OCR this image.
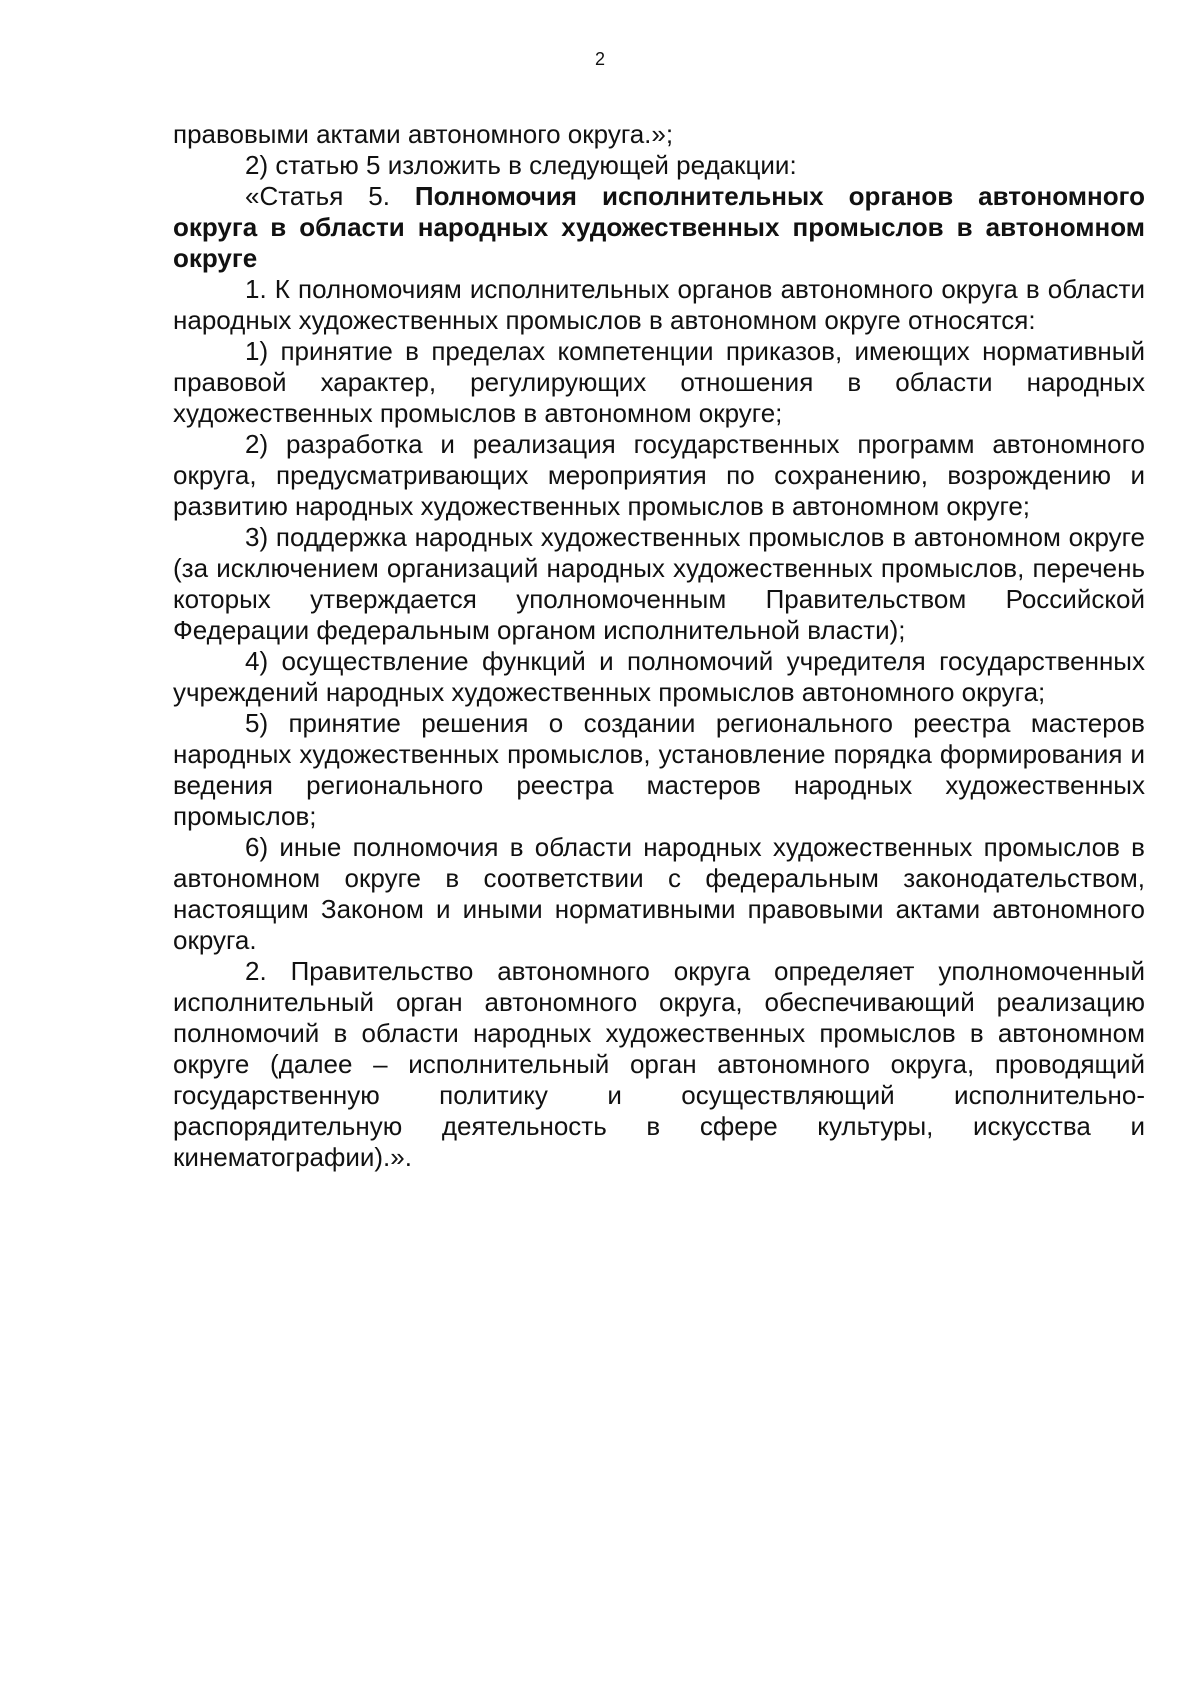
2

правовыми актами автономного округа.»;

2) статью 5 изложить в следующей редакции:

«Статья 5. Полномочия исполнительных органов автономного округа в области народных художественных промыслов в автономном округе

1. К полномочиям исполнительных органов автономного округа в области народных художественных промыслов в автономном округе относятся:

1) принятие в пределах компетенции приказов, имеющих нормативный правовой характер, регулирующих отношения в области народных художественных промыслов в автономном округе;

2) разработка и реализация государственных программ автономного округа, предусматривающих мероприятия по сохранению, возрождению и развитию народных художественных промыслов в автономном округе;

3) поддержка народных художественных промыслов в автономном округе (за исключением организаций народных художественных промыслов, перечень которых утверждается уполномоченным Правительством Российской Федерации федеральным органом исполнительной власти);

4) осуществление функций и полномочий учредителя государственных учреждений народных художественных промыслов автономного округа;

5) принятие решения о создании регионального реестра мастеров народных художественных промыслов, установление порядка формирования и ведения регионального реестра мастеров народных художественных промыслов;

6) иные полномочия в области народных художественных промыслов в автономном округе в соответствии с федеральным законодательством, настоящим Законом и иными нормативными правовыми актами автономного округа.

2. Правительство автономного округа определяет уполномоченный исполнительный орган автономного округа, обеспечивающий реализацию полномочий в области народных художественных промыслов в автономном округе (далее – исполнительный орган автономного округа, проводящий государственную политику и осуществляющий исполнительно-распорядительную деятельность в сфере культуры, искусства и кинематографии).».
